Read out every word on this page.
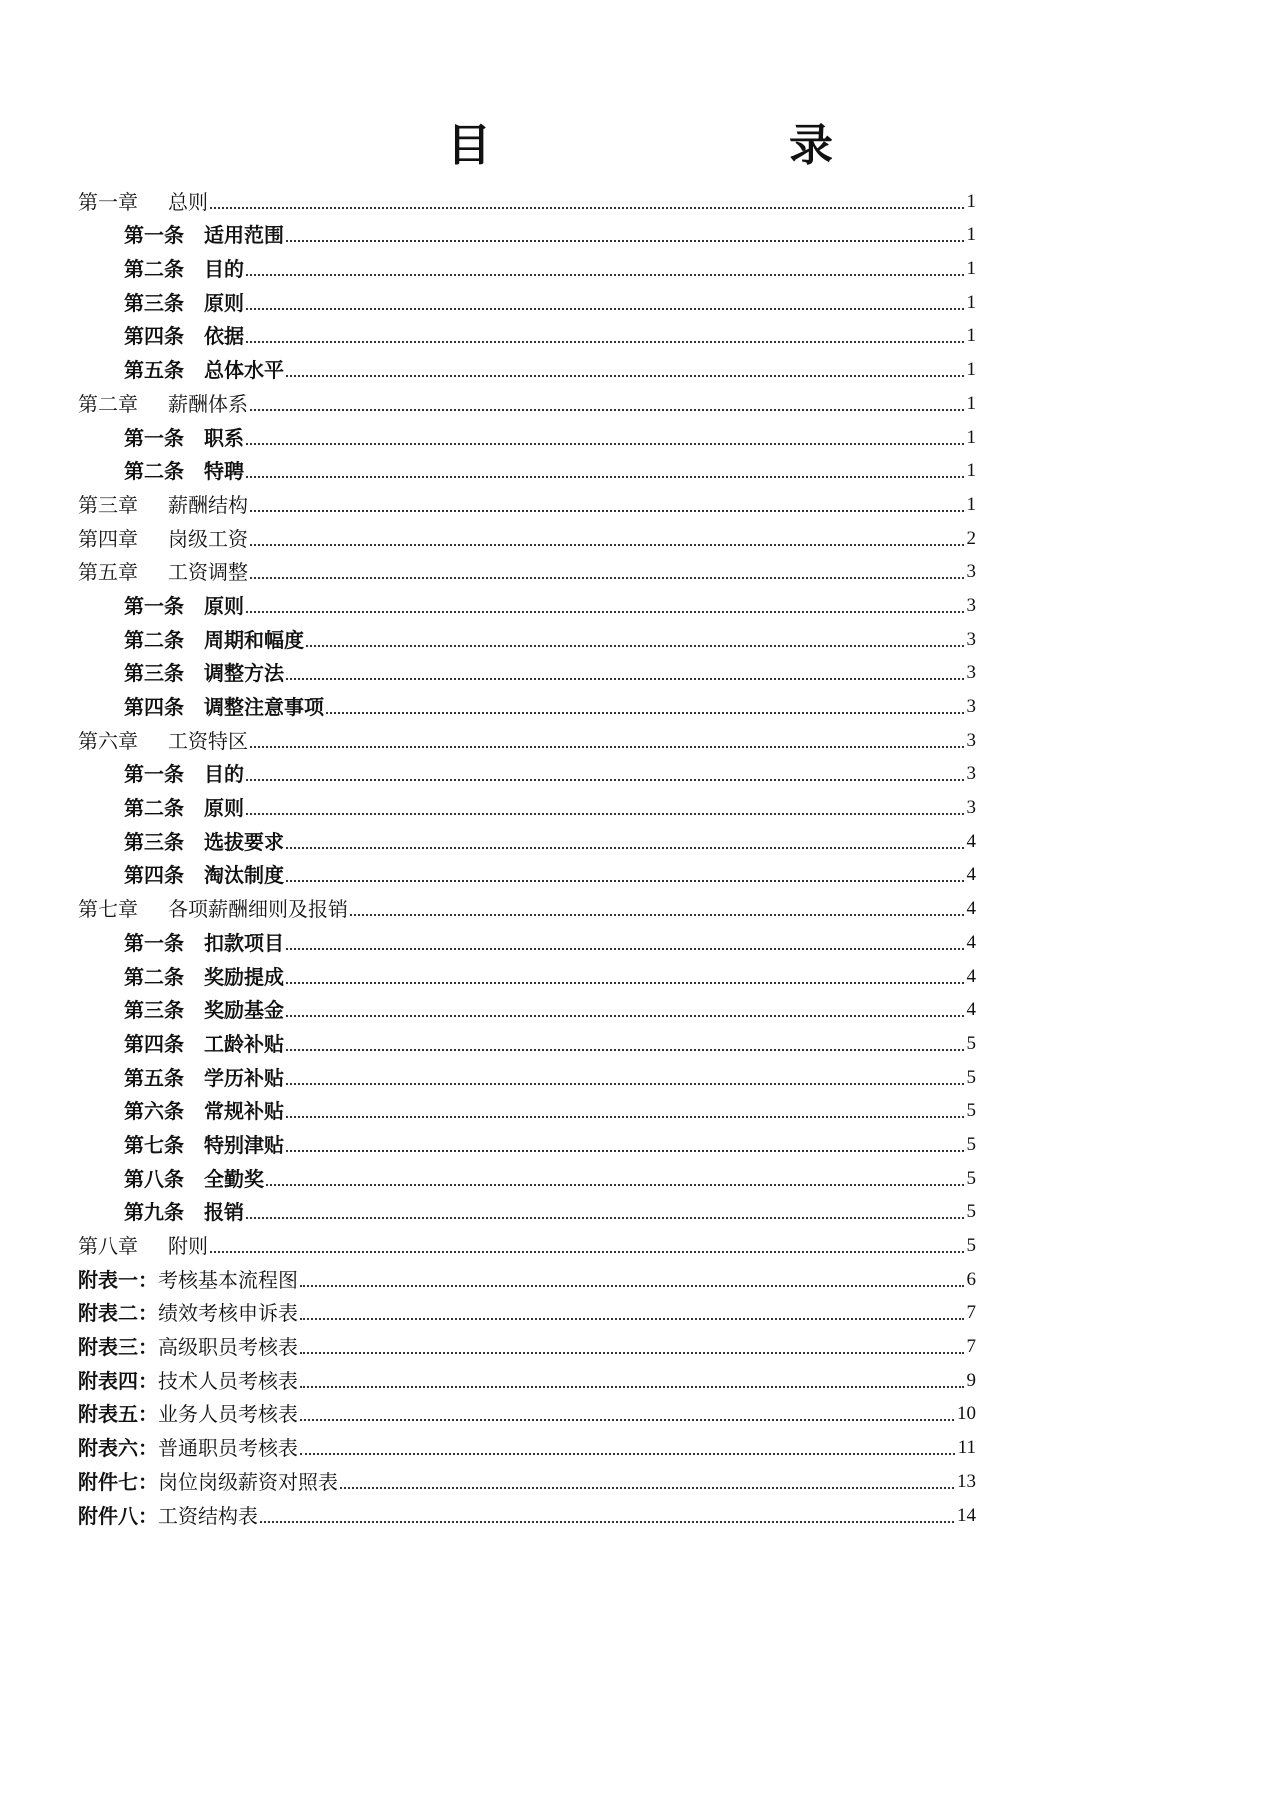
目　　录
第一章 总则	1
第一条 适用范围	1
第二条 目的	1
第三条 原则	1
第四条 依据	1
第五条 总体水平	1
第二章 薪酬体系	1
第一条 职系	1
第二条 特聘	1
第三章 薪酬结构	1
第四章 岗级工资	2
第五章 工资调整	3
第一条 原则	3
第二条 周期和幅度	3
第三条 调整方法	3
第四条 调整注意事项	3
第六章 工资特区	3
第一条 目的	3
第二条 原则	3
第三条 选拔要求	4
第四条 淘汰制度	4
第七章 各项薪酬细则及报销	4
第一条 扣款项目	4
第二条 奖励提成	4
第三条 奖励基金	4
第四条 工龄补贴	5
第五条 学历补贴	5
第六条 常规补贴	5
第七条 特别津贴	5
第八条 全勤奖	5
第九条 报销	5
第八章 附则	5
附表一：考核基本流程图	6
附表二：绩效考核申诉表	7
附表三：高级职员考核表	7
附表四：技术人员考核表	9
附表五：业务人员考核表	10
附表六：普通职员考核表	11
附件七：岗位岗级薪资对照表	13
附件八：工资结构表	14
